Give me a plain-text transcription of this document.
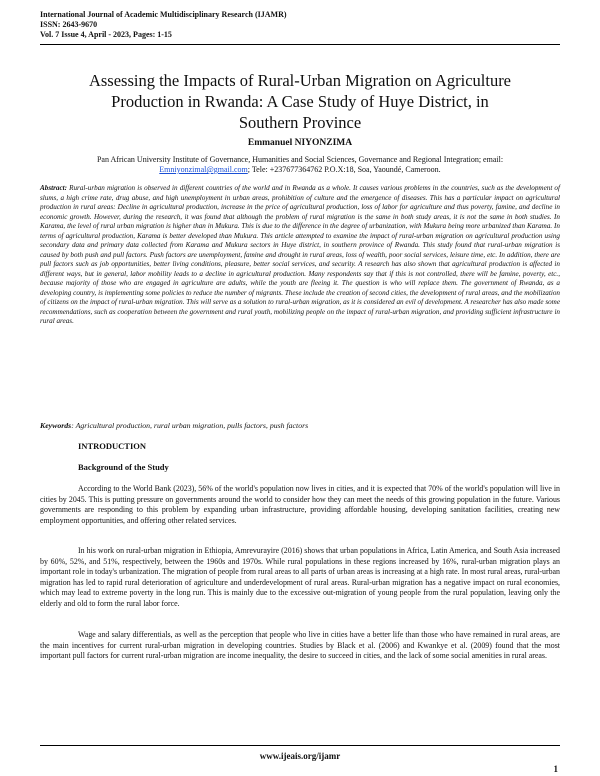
International Journal of Academic Multidisciplinary Research (IJAMR)
ISSN: 2643-9670
Vol. 7 Issue 4, April - 2023, Pages: 1-15
Assessing the Impacts of Rural-Urban Migration on Agriculture
Production in Rwanda: A Case Study of Huye District, in
Southern Province
Emmanuel NIYONZIMA
Pan African University Institute of Governance, Humanities and Social Sciences, Governance and Regional Integration; email:
Emniyonzimal@gmail.com; Tele: +237677364762 P.O.X:18, Soa, Yaoundé, Cameroon.
Abstract: Rural-urban migration is observed in different countries of the world and in Rwanda as a whole. It causes various problems in the countries, such as the development of slums, a high crime rate, drug abuse, and high unemployment in urban areas, prohibition of culture and the emergence of diseases. This has a particular impact on agricultural production in rural areas: Decline in agricultural production, increase in the price of agricultural production, loss of labor for agriculture and thus poverty, famine, and decline in economic growth. However, during the research, it was found that although the problem of rural migration is the same in both study areas, it is not the same in both studies. In Karama, the level of rural urban migration is higher than in Mukura. This is due to the difference in the degree of urbanization, with Mukura being more urbanized than Karama. In terms of agricultural production, Karama is better developed than Mukura. This article attempted to examine the impact of rural-urban migration on agricultural production using secondary data and primary data collected from Karama and Mukura sectors in Huye district, in southern province of Rwanda. This study found that rural-urban migration is caused by both push and pull factors. Push factors are unemployment, famine and drought in rural areas, loss of wealth, poor social services, leisure time, etc. In addition, there are pull factors such as job opportunities, better living conditions, pleasure, better social services, and security. A research has also shown that agricultural production is affected in different ways, but in general, labor mobility leads to a decline in agricultural production. Many respondents say that if this is not controlled, there will be famine, poverty, etc., because majority of those who are engaged in agriculture are adults, while the youth are fleeing it. The question is who will replace them. The government of Rwanda, as a developing country, is implementing some policies to reduce the number of migrants. These include the creation of second cities, the development of rural areas, and the mobilization of citizens on the impact of rural-urban migration. This will serve as a solution to rural-urban migration, as it is considered an evil of development. A researcher has also made some recommendations, such as cooperation between the government and rural youth, mobilizing people on the impact of rural-urban migration, and providing sufficient infrastructure in rural areas.
Keywords: Agricultural production, rural urban migration, pulls factors, push factors
INTRODUCTION
Background of the Study
According to the World Bank (2023), 56% of the world's population now lives in cities, and it is expected that 70% of the world's population will live in cities by 2045. This is putting pressure on governments around the world to consider how they can meet the needs of this growing population in the future. Various governments are responding to this problem by expanding urban infrastructure, providing affordable housing, developing sanitation facilities, creating new employment opportunities, and offering other related services.
In his work on rural-urban migration in Ethiopia, Amrevurayire (2016) shows that urban populations in Africa, Latin America, and South Asia increased by 60%, 52%, and 51%, respectively, between the 1960s and 1970s. While rural populations in these regions increased by 16%, rural-urban migration plays an important role in today's urbanization. The migration of people from rural areas to all parts of urban areas is increasing at a high rate. In most rural areas, rural-urban migration has led to rapid rural deterioration of agriculture and underdevelopment of rural areas. Rural-urban migration has a negative impact on rural economies, which may lead to extreme poverty in the long run. This is mainly due to the excessive out-migration of young people from the rural population, leaving only the elderly and old to form the rural labor force.
Wage and salary differentials, as well as the perception that people who live in cities have a better life than those who have remained in rural areas, are the main incentives for current rural-urban migration in developing countries. Studies by Black et al. (2006) and Kwankye et al. (2009) found that the most important pull factors for current rural-urban migration are income inequality, the desire to succeed in cities, and the lack of some social amenities in rural areas.
www.ijeais.org/ijamr
1
